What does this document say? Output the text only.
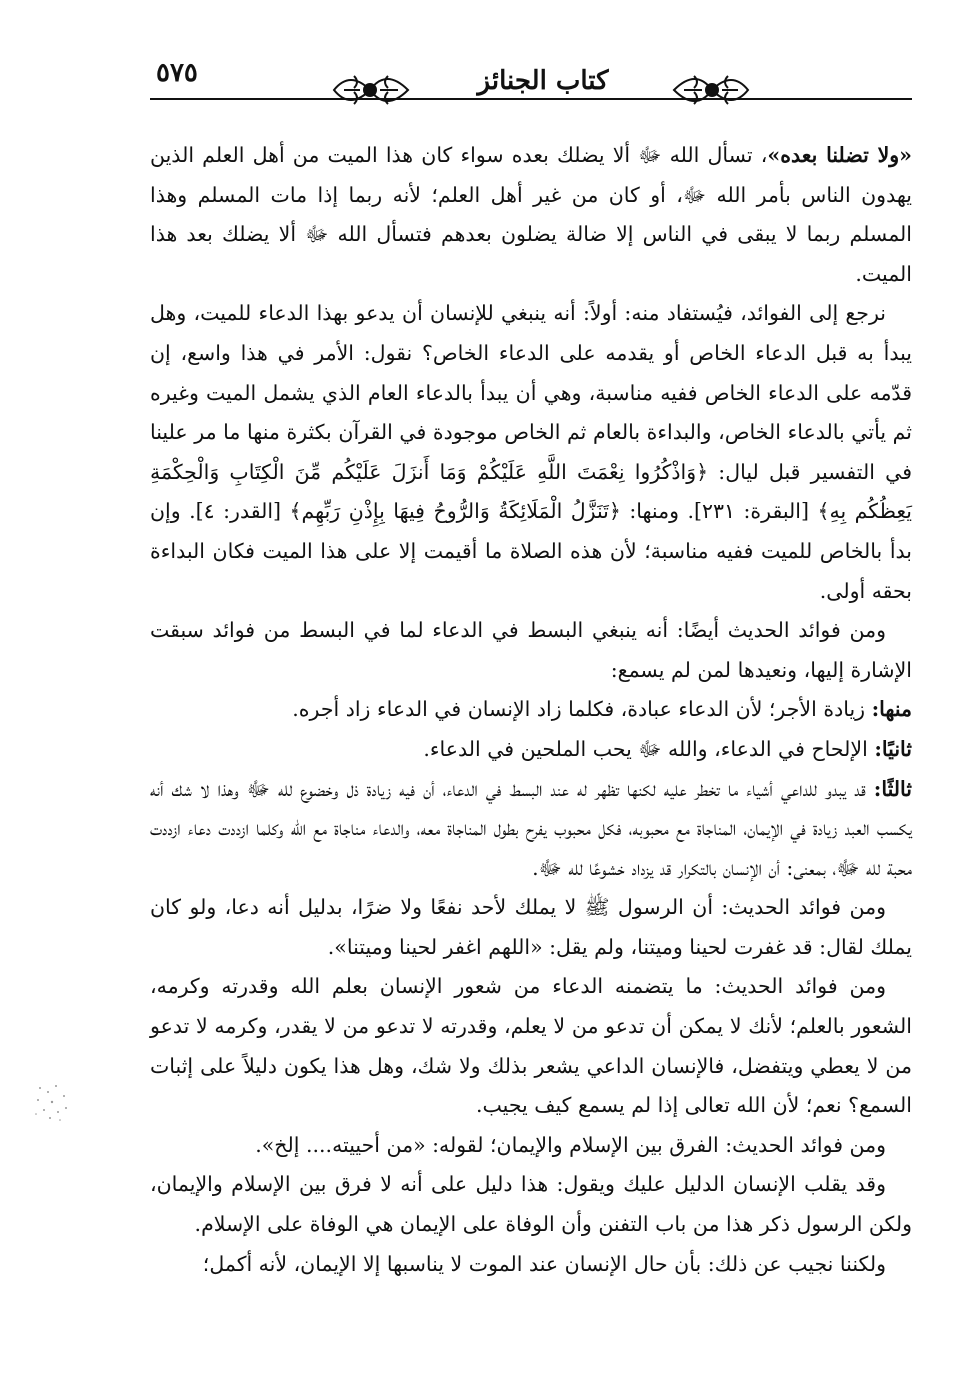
٥٧٥	كتاب الجنائز

«ولا تضلنا بعده»، تسأل الله ﷻ ألا يضلك بعده سواء كان هذا الميت من أهل العلم الذين يهدون الناس بأمر الله ﷻ، أو كان من غير أهل العلم؛ لأنه ربما إذا مات المسلم وهذا المسلم ربما لا يبقى في الناس إلا ضالة يضلون بعدهم فتسأل الله ﷻ ألا يضلك بعد هذا الميت.

نرجع إلى الفوائد، فيُستفاد منه: أولاً: أنه ينبغي للإنسان أن يدعو بهذا الدعاء للميت، وهل يبدأ به قبل الدعاء الخاص أو يقدمه على الدعاء الخاص؟ نقول: الأمر في هذا واسع، إن قدّمه على الدعاء الخاص ففيه مناسبة، وهي أن يبدأ بالدعاء العام الذي يشمل الميت وغيره ثم يأتي بالدعاء الخاص، والبداءة بالعام ثم الخاص موجودة في القرآن بكثرة منها ما مر علينا في التفسير قبل ليال: ﴿وَاذْكُرُوا نِعْمَتَ اللَّهِ عَلَيْكُمْ وَمَا أَنزَلَ عَلَيْكُم مِّنَ الْكِتَابِ وَالْحِكْمَةِ يَعِظُكُم بِهِ﴾ [البقرة: ٢٣١]. ومنها: ﴿تَنَزَّلُ الْمَلَائِكَةُ وَالرُّوحُ فِيهَا بِإِذْنِ رَبِّهِم﴾ [القدر: ٤]. وإن بدأ بالخاص للميت ففيه مناسبة؛ لأن هذه الصلاة ما أقيمت إلا على هذا الميت فكان البداءة بحقه أولى.

ومن فوائد الحديث أيضًا: أنه ينبغي البسط في الدعاء لما في البسط من فوائد سبقت الإشارة إليها، ونعيدها لمن لم يسمع:

منها: زيادة الأجر؛ لأن الدعاء عبادة، فكلما زاد الإنسان في الدعاء زاد أجره.

ثانيًا: الإلحاح في الدعاء، والله ﷻ يحب الملحين في الدعاء.

ثالثًا: قد يبدو للداعي أشياء ما تخطر عليه لكنها تظهر له عند البسط في الدعاء، أن فيه زيادة ذل وخضوع لله ﷻ وهذا لا شك أنه يكسب العبد زيادة في الإيمان، المناجاة مع محبوبه، فكل محبوب يفرح بطول المناجاة معه، والدعاء مناجاة مع الله وكلما ازددت دعاء ازددت محبة لله ﷻ، بمعنى: أن الإنسان بالتكرار قد يزداد خشوعًا لله ﷻ.

ومن فوائد الحديث: أن الرسول ﷺ لا يملك لأحد نفعًا ولا ضرًا، بدليل أنه دعا، ولو كان يملك لقال: قد غفرت لحينا وميتنا، ولم يقل: «اللهم اغفر لحينا وميتنا».

ومن فوائد الحديث: ما يتضمنه الدعاء من شعور الإنسان بعلم الله وقدرته وكرمه، الشعور بالعلم؛ لأنك لا يمكن أن تدعو من لا يعلم، وقدرته لا تدعو من لا يقدر، وكرمه لا تدعو من لا يعطي ويتفضل، فالإنسان الداعي يشعر بذلك ولا شك، وهل هذا يكون دليلاً على إثبات السمع؟ نعم؛ لأن الله تعالى إذا لم يسمع كيف يجيب.

ومن فوائد الحديث: الفرق بين الإسلام والإيمان؛ لقوله: «من أحييته.... إلخ».

وقد يقلب الإنسان الدليل عليك ويقول: هذا دليل على أنه لا فرق بين الإسلام والإيمان، ولكن الرسول ذكر هذا من باب التفنن وأن الوفاة على الإيمان هي الوفاة على الإسلام.

ولكننا نجيب عن ذلك: بأن حال الإنسان عند الموت لا يناسبها إلا الإيمان، لأنه أكمل؛
